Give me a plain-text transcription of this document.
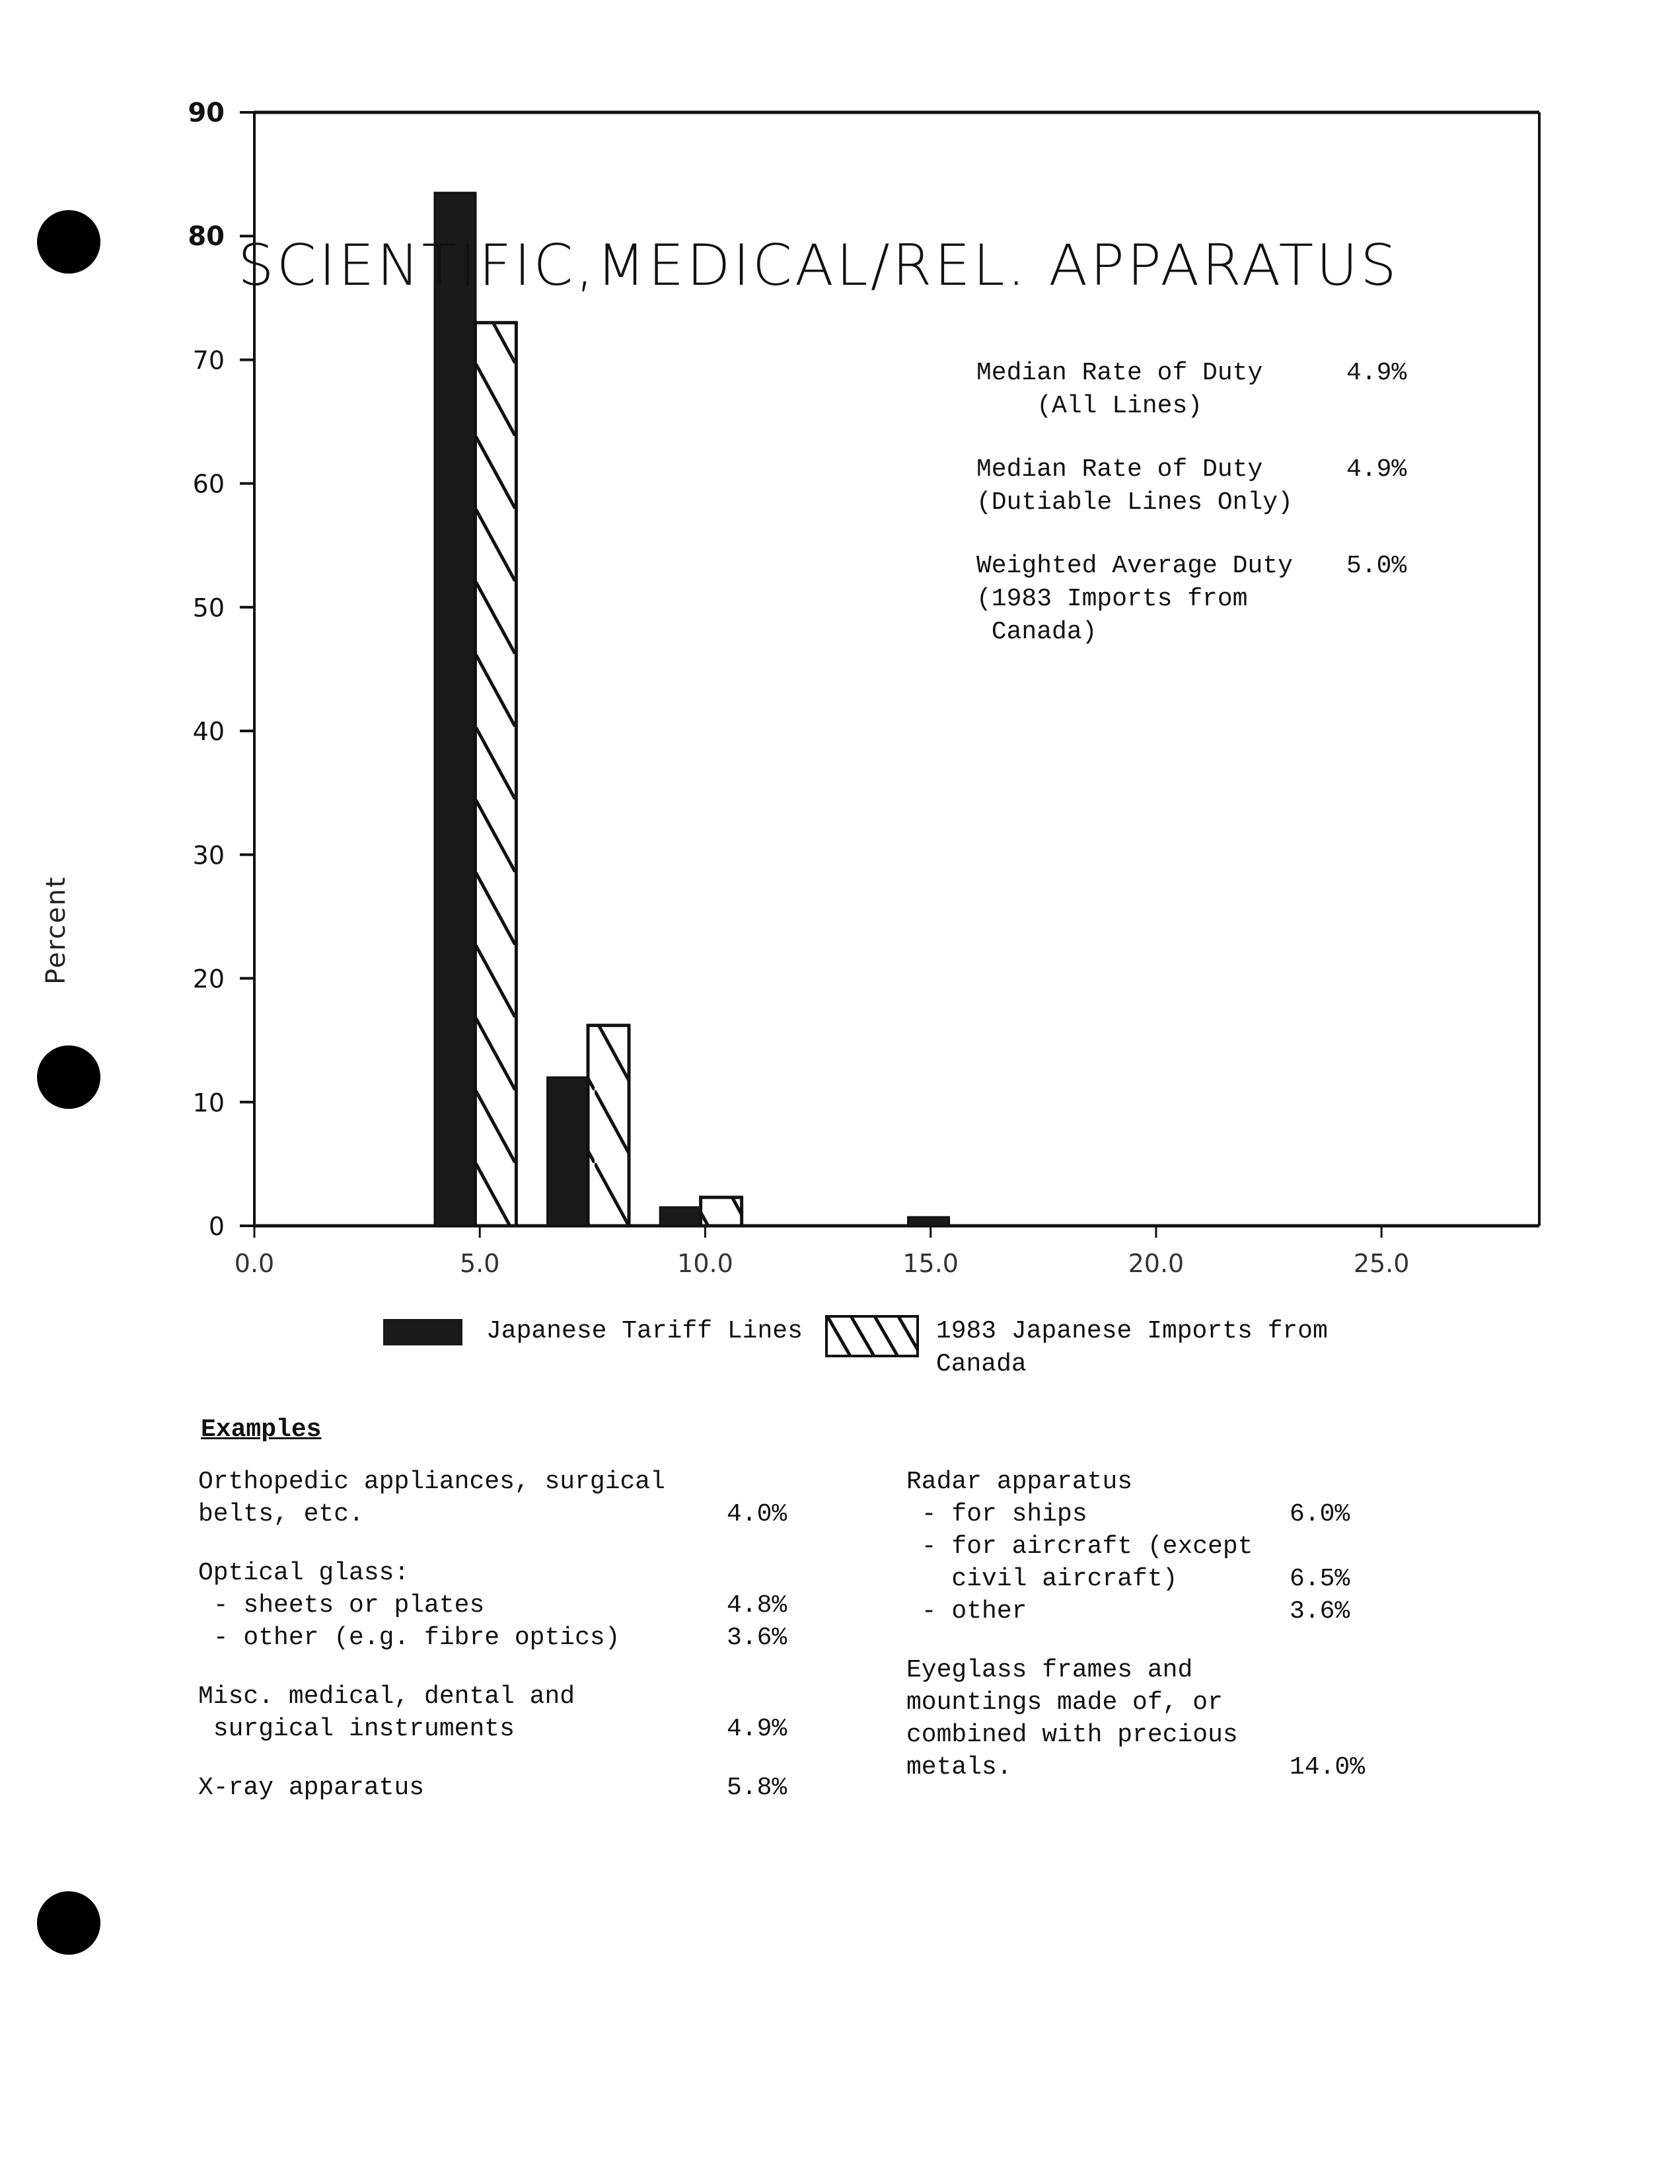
0
10
20
30
40
50
60
70
80
90
0.0	5.0	10.0	15.0	20.0	25.0
Percent
SCIENTIFIC,MEDICAL/REL. APPARATUS
Median Rate of Duty
(All Lines)
4.9%
Median Rate of Duty
(Dutiable Lines Only)
4.9%
Weighted Average Duty
(1983 Imports from
Canada)
5.0%
Japanese Tariff Lines	1983 Japanese Imports from
Canada
Examples
Orthopedic appliances, surgical
belts, etc.	4.0%
Optical glass:
- sheets or plates	4.8%
- other (e.g. fibre optics)	3.6%
Misc. medical, dental and
surgical instruments	4.9%
X-ray apparatus	5.8%
Radar apparatus
- for ships	6.0%
- for aircraft (except
civil aircraft)	6.5%
- other	3.6%
Eyeglass frames and
mountings made of, or
combined with precious
metals.	14.0%
